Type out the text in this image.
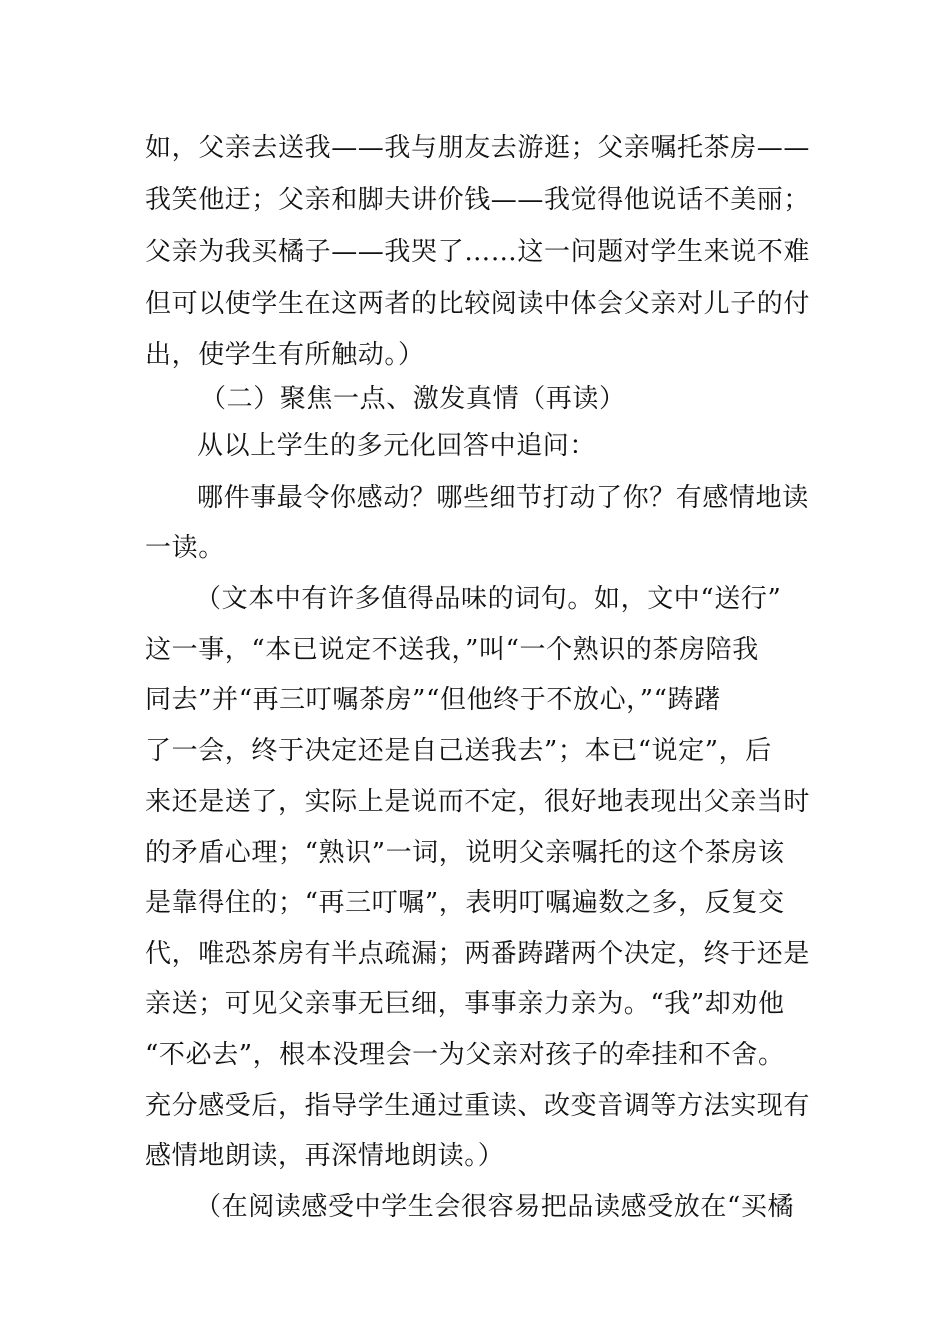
如，父亲去送我——我与朋友去游逛；父亲嘱托茶房——
我笑他迂；父亲和脚夫讲价钱——我觉得他说话不美丽；
父亲为我买橘子——我哭了……这一问题对学生来说不难
但可以使学生在这两者的比较阅读中体会父亲对儿子的付
出，使学生有所触动。）
（二）聚焦一点、激发真情（再读）
从以上学生的多元化回答中追问：
哪件事最令你感动？哪些细节打动了你？有感情地读
一读。
（文本中有许多值得品味的词句。如，文中“送行”
这一事，“本已说定不送我，”叫“一个熟识的茶房陪我
同去”并“再三叮嘱茶房”“但他终于不放心，”“踌躇
了一会，终于决定还是自己送我去”；本已“说定”，后
来还是送了，实际上是说而不定，很好地表现出父亲当时
的矛盾心理；“熟识”一词，说明父亲嘱托的这个茶房该
是靠得住的；“再三叮嘱”，表明叮嘱遍数之多，反复交
代，唯恐茶房有半点疏漏；两番踌躇两个决定，终于还是
亲送；可见父亲事无巨细，事事亲力亲为。“我”却劝他
“不必去”，根本没理会一为父亲对孩子的牵挂和不舍。
充分感受后，指导学生通过重读、改变音调等方法实现有
感情地朗读，再深情地朗读。）
（在阅读感受中学生会很容易把品读感受放在“买橘
